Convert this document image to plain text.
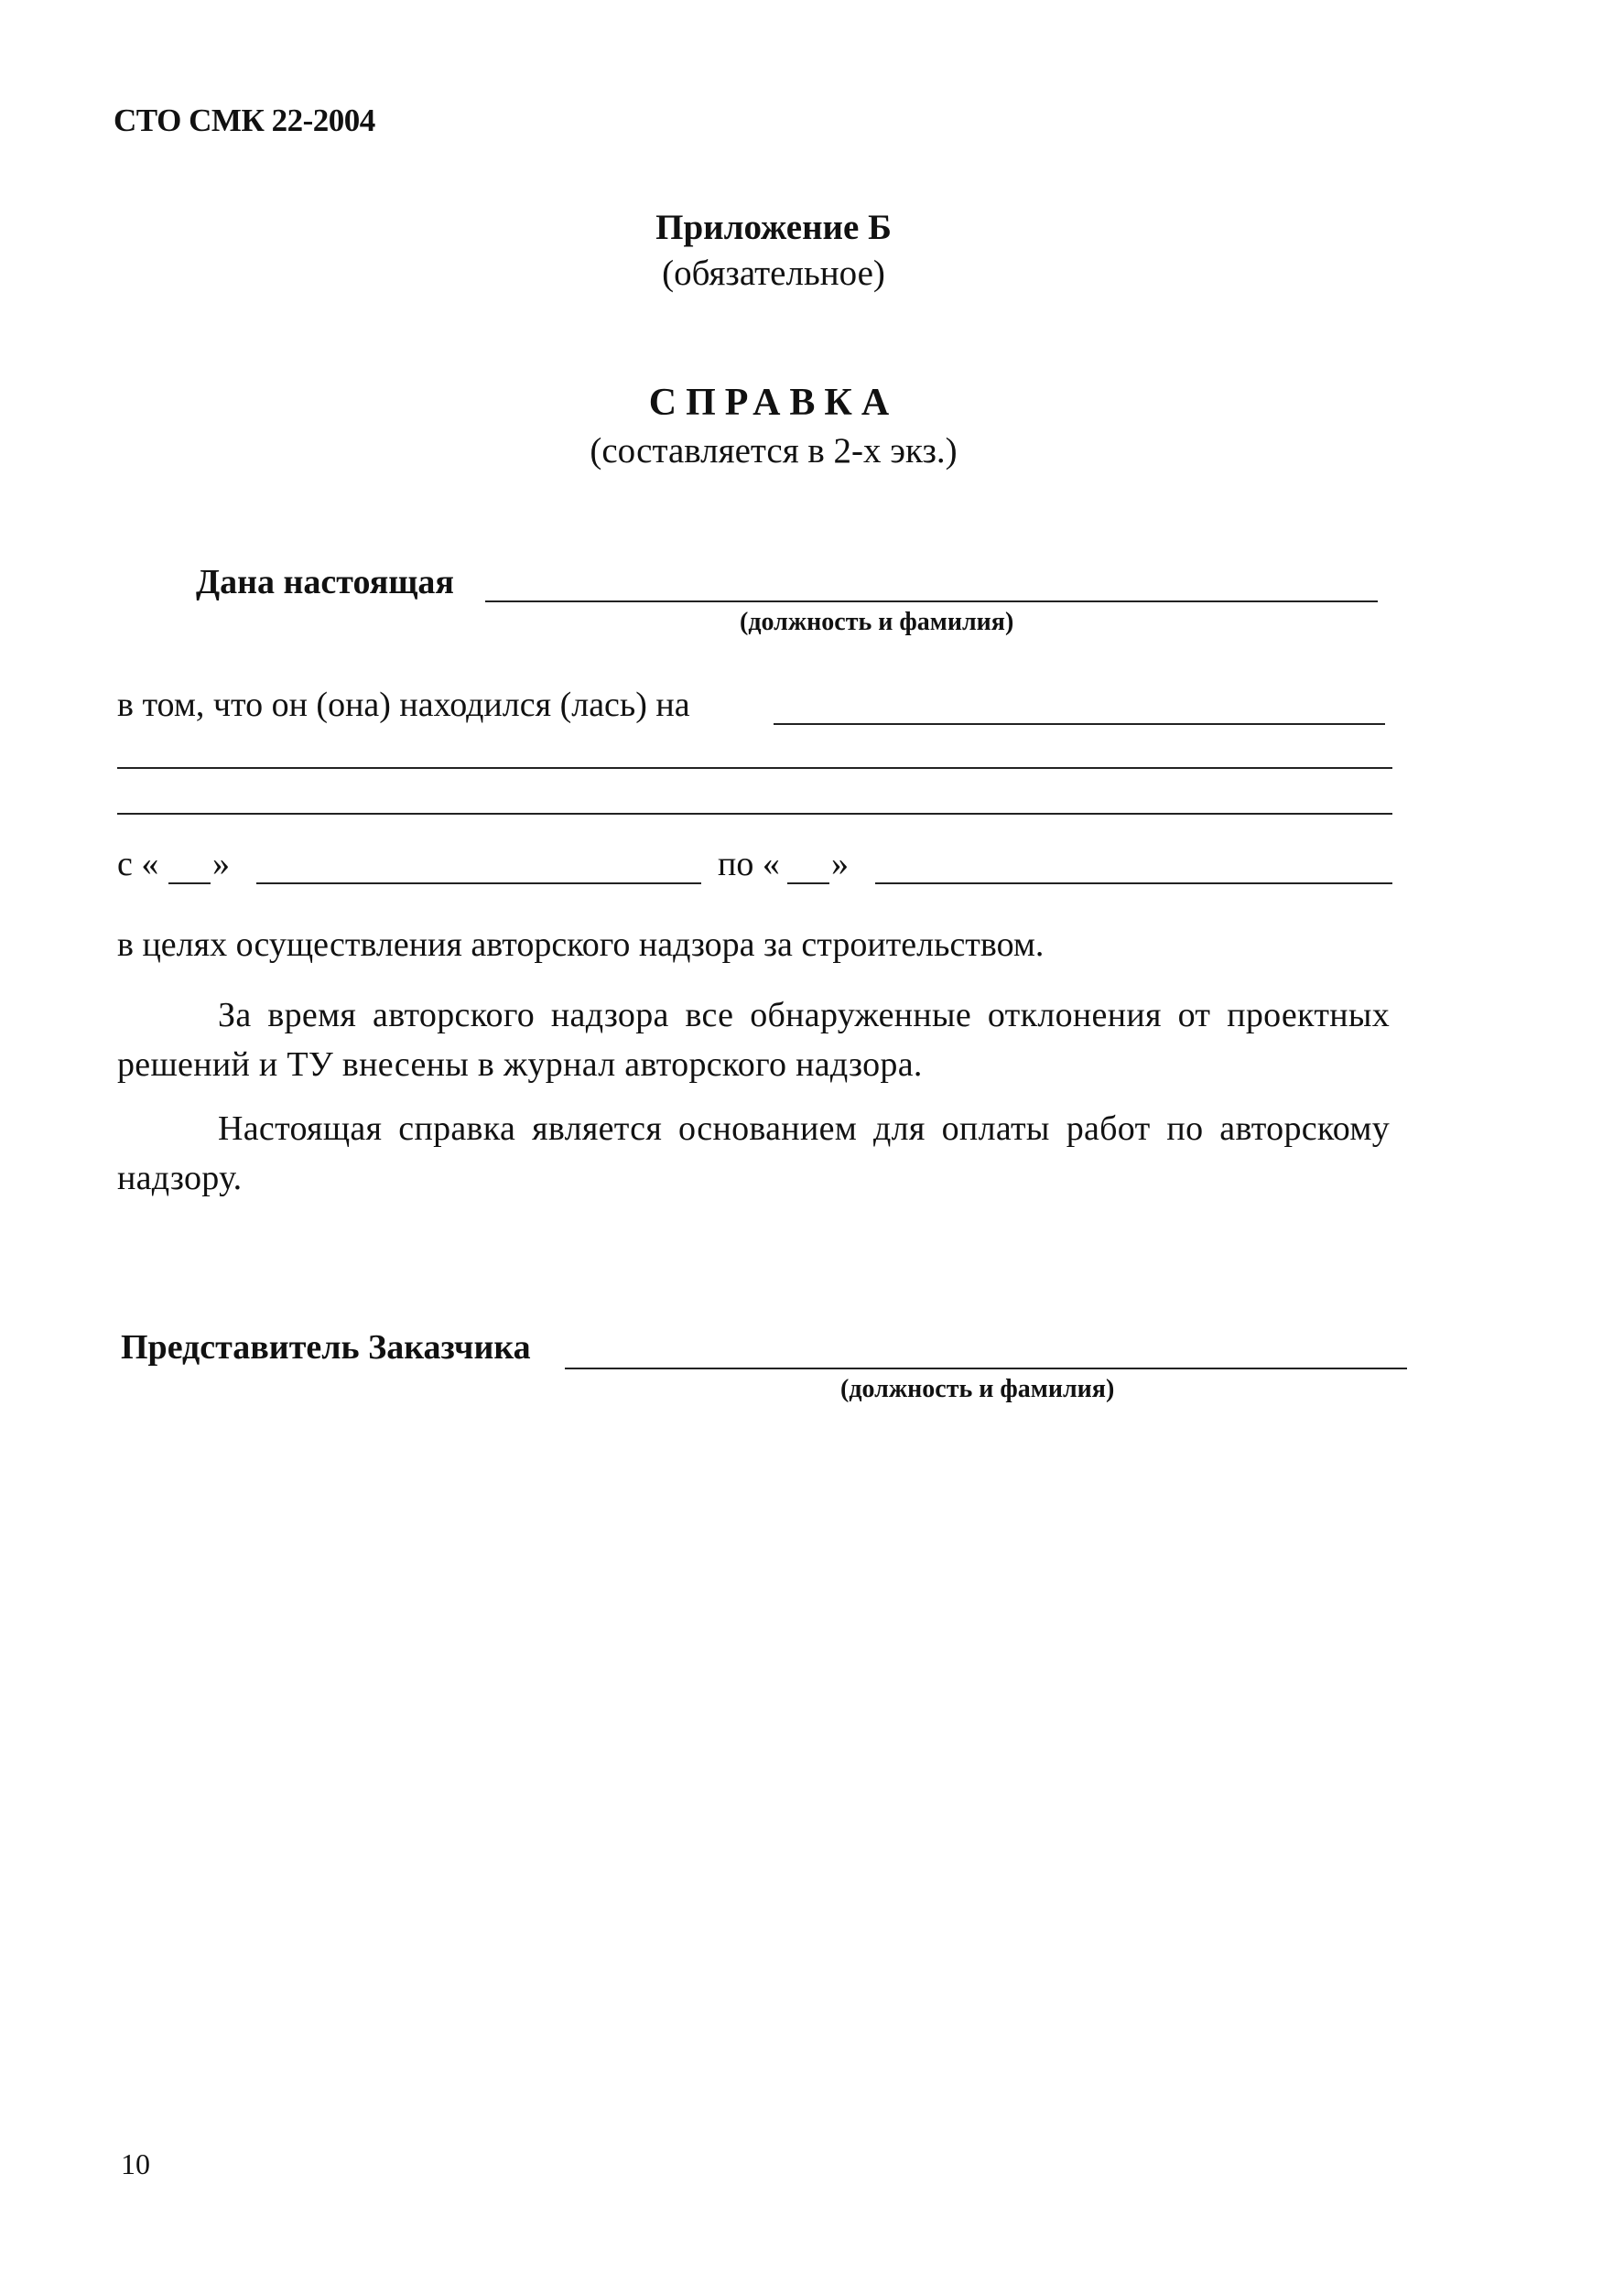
СТО СМК 22-2004
Приложение Б
(обязательное)
СПРАВКА
(составляется в 2-х экз.)
Дана настоящая
(должность и фамилия)
в том, что он (она) находился (лась) на
с « »	по « »
в целях осуществления авторского надзора за строительством.
За время авторского надзора все обнаруженные отклонения от проектных решений и ТУ внесены в журнал авторского надзора.
Настоящая справка является основанием для оплаты работ по авторскому надзору.
Представитель Заказчика
(должность и фамилия)
10
